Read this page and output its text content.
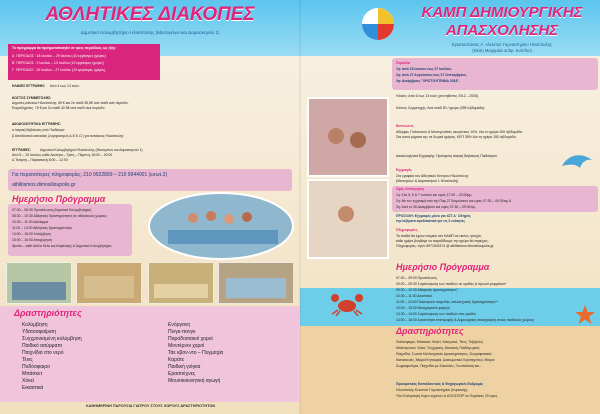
ΑΘΛΗΤΙΚΕΣ ΔΙΑΚΟΠΕΣ
Δημοτικό Κολυμβητήριο Ηλιούπολης (Μεσογείων και Δαμασκηνού 1)
Το πρόγραμμα θα πραγματοποιηθεί σε τρεις περιόδους ως εξής:
Α΄ ΠΕΡΙΟΔΟΣ : 18 Ιουνίου – 29 Ιουνίου (10 εργάσιμες ημέρες)
Β΄ ΠΕΡΙΟΔΟΣ : 2 Ιουλίου – 13 Ιουλίου (10 εργάσιμες ημέρες)
Γ΄ ΠΕΡΙΟΔΟΣ : 16 Ιουλίου – 27 Ιουλίου (10 εργάσιμες ημέρες)
ΗΛΙΚΙΕΣ ΕΓΓΡΑΦΗΣ: Από 4 έως 13 ετών.
ΚΟΣΤΟΣ ΣΥΜΜΕΤΟΧΗΣ:
Δημότες-κάτοικοι Ηλιούπολης: 65 € και 2ο παιδί 35,5€ ανά παιδί ανά περίοδο.
Ετεροδημότες: 75 € και 2ο παιδί 42,5€ ανά παιδί ανά περίοδο.
ΔΙΚΑΙΟΛΟΓΗΤΙΚΑ ΕΓΓΡΑΦΗΣ:
α Ιατρική Βεβαίωση από Παιδίατρο
β Αποδεικτικό κατοικίας (λογαριασμός Δ.Ε.Κ.Ο.) για κατοίκους Ηλιούπολης
ΕΓΓΡΑΦΕΣ:	Δημοτικό Κολυμβητήριο Ηλιούπολης (Μεσογείων και Δαμασκηνού 1)
Από 5 – 15 Ιουνίου, κάθε Δευτέρα – Τρίτη – Πέμπτη, 16:00 – 20:00
& Τετάρτη – Παρασκευή 8:00 – 12:00
Για περισσότερες πληροφορίες: 210 9922899 – 210 9944001 (εσωτ.2)
athlitismos.dimosilioupolis.gr
Ημερήσιο Πρόγραμμα
07:30 – 08:30 Προσέλευση (Δημοτικό Κολυμβητήριο)
08:30 – 10:30 Αθλητικές δραστηριότητες σε αθλητικούς χώρους
10:30 – 11:00 Διάλειμμα
11:00 – 14:00 Αθλητικές δραστηριότητες
14:00 – 15:00 Κολύμβηση
15:00 – 16:00 Αποχώρηση
Sports – café Δίπλα Κέλυ και Καφέλικής & Δημοτικό Κολυμβητήριο
Δραστηριότητες
Κολύμβηση
Υδατοσφαίριση
Συγχρονισμένη κολύμβηση
Παιδικό ασύρματο
Παιχνίδια στο νερό
Τένις
Ποδόσφαιρο
Μπάσκετ
Χόκεϊ
Εικαστικά
Ενόργανη
Πινγκ-πονγκ
Παραδοσιακοί χοροί
Μοντέρνοι χοροί
Τάε κβον-ντο – Πυγμαχία
Καράτε
Παιδική γιόγκα
Ερασιτέχνες
Μουσικοκινητική αγωγή
ΚΑΘΗΜΕΡΙΝΗ ΠΑΡΟΥΣΙΑ ΓΙΑΤΡΟΥ ΣΤΟΥΣ ΧΩΡΟΥΣ ΔΡΑΣΤΗΡΙΟΤΗΤΩΝ
ΚΑΜΠ ΔΗΜΙΟΥΡΓΙΚΗΣ
ΑΠΑΣΧΟΛΗΣΗΣ
Εγκαταστάσεις Α΄ κλειστού Γυμναστηρίου Ηλιούπολης
(Θέση Μαχαμάνι & Βρ. Κυπ/ίου)
Περίοδοι
1η: από 18 Ιουνίου έως 27 Ιουλίου,
2η: από 27 Αυγούστου έως 07 Σεπτεμβρίου,
3η: Δεκέμβριος "ΧΡΙΣΤΟΥΓΕΝΝΑ 2018".
Ηλικίες: Από 6 έως 13 ετών (γεννηθέντες 2012 – 2006).
Κόστος Συμμετοχής: Ανά παιδί 50 / ημέρα (25€ /εβδομάδα).
Εκπτώσεις
Αδέρφια, Πολύτεκνοι & Μονογονεϊκές οικογένειες 10%, όλο το ημέρα 200 /εβδομάδα.
Στα κοινά ρήματα της σε δωρεά ημέρας, ΚΕΠ 35% όλο τη ημέρα 150 /εβδομάδα.
Δικαιολογητικά Εγγραφής: Πρόσφατη Ιατρική Βεβαίωση Παιδιάτρου.
Εγγραφές
Στα γραφεία του Αθλητικού Κέντρου Ηλιούπολης
(Μεσογείων & Δαμασκηνού 1 Ηλιούπολη)
Ώρες Λειτουργίας
1η: Στις 5, 6 & 7 Ιουνίου και ώρες 17:00 – 20:00μμ,
2η: Με τον εγγραφή από την Παρ 27 Αυγούστου και ώρες 07:30 – 09:30πμ &
3η: Από το 30 Δεκεμβρίου και ώρες 07:30 – 09:30πμ.
ΠΡΟΣΟΧΗ: Εγγραφές μόνο για 4ΣΤ Α΄ Οδηγίες
την Ιαξέρετα εφοδιαστικά για τις 3 ενότητες
Πληροφορίες
Τα παιδιά θα έχουν ατομικό στο ΚΑΜΠ σε εκείνο, ησυχία,
κάθε ημέρα βοηθάμε να παραδίδουμε την ημέρα θα παρέχεις.
Πληροφορίες: τηλ/ο 6971502474 @ athlitismos.dimosilioupolis.gr
Ημερήσιο Πρόγραμμα
07:00 – 09:00 Προσέλευση
09:00 – 09:30 Συγκέντρωση των παιδιών σε ομάδες & πρωινό ρεφρέσκο*
09:30 – 10:30 Αθλητικές Δραστηριότητες*
10:30 – 11:00 Δεκατιανό
11:00 – 13:00 Πολιτισμικά παιχνίδια, καλλιτεχνικές δραστηριότητες**
13:00 – 13:30 Μεσημεριανό φαγητό
13:30 – 14:00 Συγκέντρωση των παιδιών στις ομάδες
14:00 – 16:00 Δυνατότητα επιστροφής & Δημιουργική απασχόληση στους παιδικούς χώρους
Δραστηριότητες
Ποδόσφαιρο, Μπάσκετ, Βόλεϊ, Χάντμπολ, Τένις, Τοξοβολή
Μπάντμιντον, Χόκεϊ, Συγχορική, Μουσική, Παιδαγωγικά,
Παιχνίδια, Σωστά Καλλιτεχνικές Δραστηριότητες, Ζωγραφιστικές
Κατασκευές, Μικροί Κηπουροί, Διασωματικό Λογοτεχνίτου, Μικροί
Ζωγραφολόγοι, Παιχνίδια με Σακούλες, Γεωπολιτική και...
Προαιρετικές Εκπαιδευτικές & Ψυχαγωγικές Εκδρομές
Ηλιούπολης Κλειστού Γυμναστηρίου (Κυριακής).
*Στο Κολυμπητή Καμπ ισχύουν οι ΑΞΙΟΣΠΟΡ τα Ουράνιας 20 ώρες.
